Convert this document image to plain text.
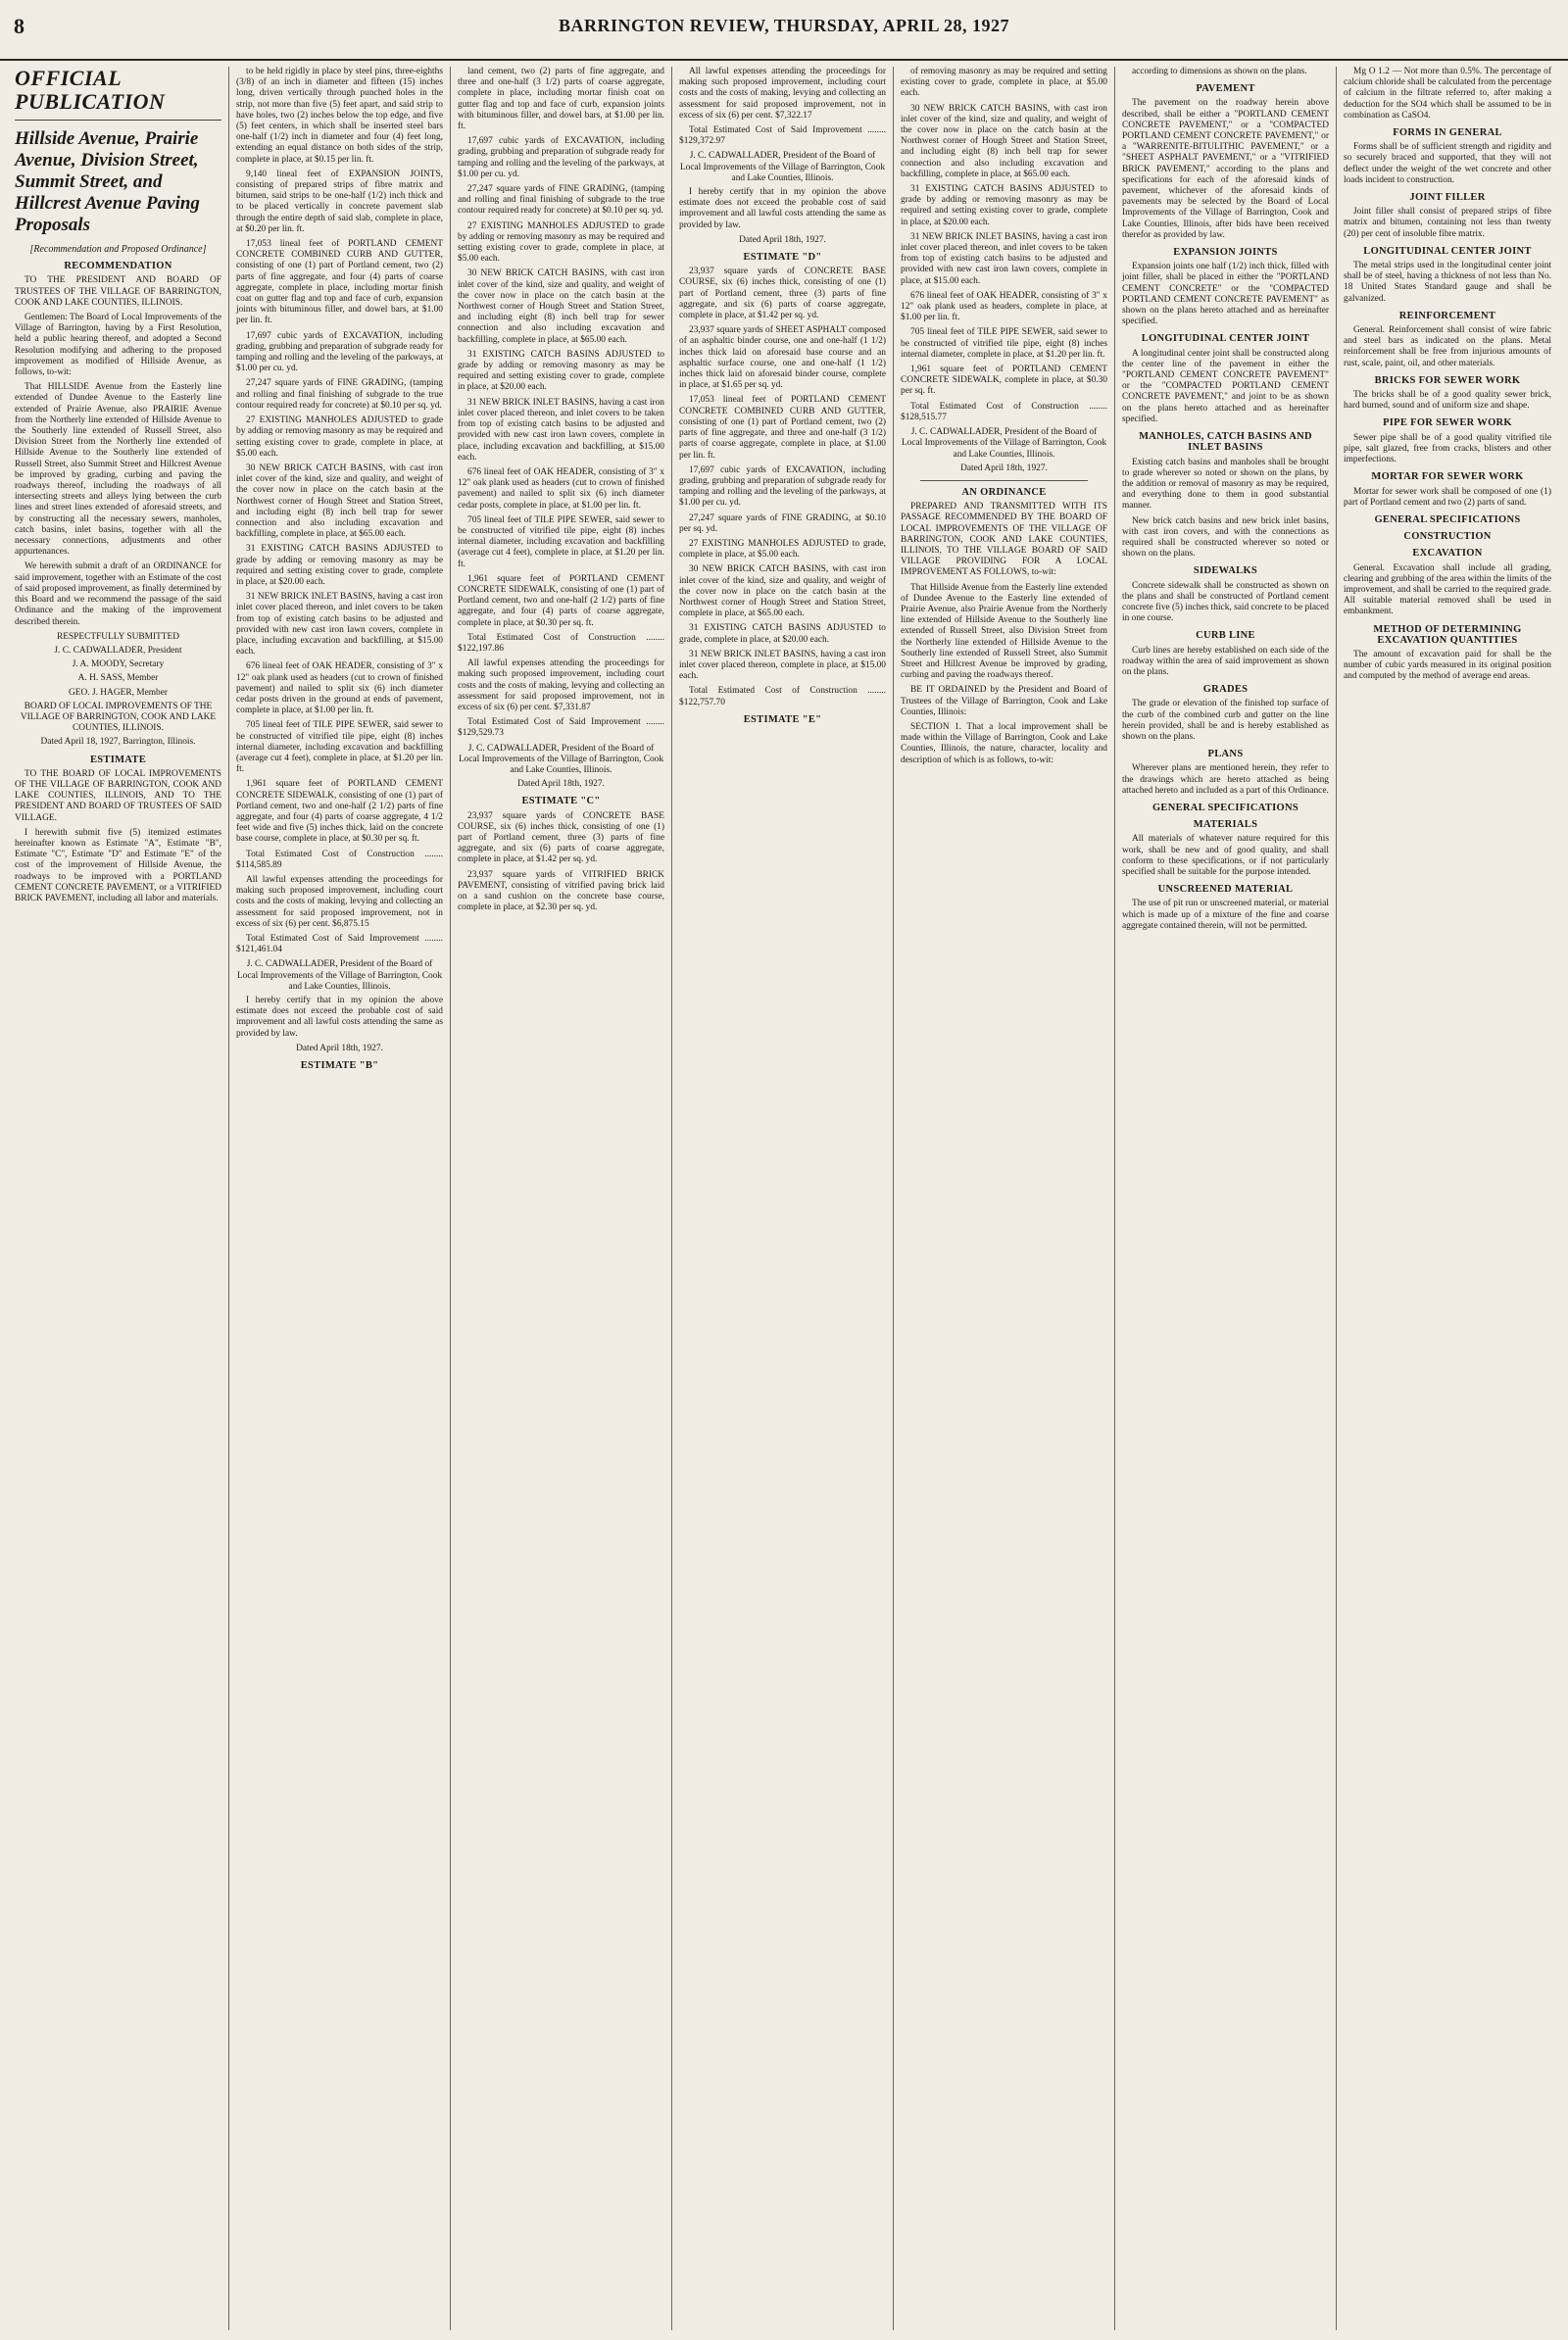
8	BARRINGTON REVIEW, THURSDAY, APRIL 28, 1927
OFFICIAL PUBLICATION
Hillside Avenue, Prairie Avenue, Division Street, Summit Street, and Hillcrest Avenue Paving Proposals
[Recommendation and Proposed Ordinance]
RECOMMENDATION

TO THE PRESIDENT AND BOARD OF TRUSTEES OF THE VILLAGE OF BARRINGTON, COOK AND LAKE COUNTIES, ILLINOIS.

Gentlemen: The Board of Local Improvements of the Village of Barrington, having by a First Resolution, held a public hearing thereof, and adopted a Second Resolution modifying and adhering to the proposed improvement as modified of Hillside Avenue, as follows, to-wit:

That HILLSIDE Avenue from the Easterly line extended of Dundee Avenue to the Easterly line extended of Prairie Avenue, also PRAIRIE Avenue from the Northerly line extended of Hillside Avenue to the Southerly line extended of Russell Street, also Division Street from the Northerly line extended of Hillside Avenue to the Southerly line extended of Russell Street, also Summit Street and Hillcrest Avenue be improved by grading, curbing and paving the roadways thereof, including the roadways of all intersecting streets and alleys lying between the curb lines and street lines extended of aforesaid streets, and by constructing all the necessary sewers, manholes, catch basins, inlet basins, together with all the necessary connections, adjustments and other appurtenances.

We herewith submit a draft of an ORDINANCE for said improvement, together with an Estimate of the cost of said proposed improvement, as finally determined by this Board and we recommend the passage of the said Ordinance and the making of the improvement described therein.

RESPECTFULLY SUBMITTED
J. C. CADWALLADER, President
J. A. MOODY, Secretary
A. H. SASS, Member
GEO. J. HAGER, Member
BOARD OF LOCAL IMPROVEMENTS OF THE VILLAGE OF BARRINGTON, COOK AND LAKE COUNTIES, ILLINOIS.
Dated April 18, 1927, Barrington, Illinois.
ESTIMATE

TO THE BOARD OF LOCAL IMPROVEMENTS OF THE VILLAGE OF BARRINGTON, COOK AND LAKE COUNTIES, ILLINOIS, AND TO THE PRESIDENT AND BOARD OF TRUSTEES OF SAID VILLAGE.

I herewith submit five (5) itemized estimates hereinafter known as Estimate "A", Estimate "B", Estimate "C", Estimate "D" and Estimate "E" of the cost of the improvement of Hillside Avenue, the roadways to be improved with a PORTLAND CEMENT CONCRETE PAVEMENT, or a VITRIFIED BRICK PAVEMENT, including all labor and materials.

to be held rigidly in place by steel pins, three-eighths (3/8) of an inch in diameter and fifteen (15) inches long, driven vertically through punched holes in the strip, not more than five (5) feet apart, and said strip to have holes, two (2) inches below the top edge, and five (5) feet centers, in which shall be inserted steel bars one-half (1/2) inch in diameter and four (4) feet long, extending an equal distance on both sides of the strip, complete in place, at $0.15 per lin. ft.

9,140 lineal feet of EXPANSION JOINTS, consisting of prepared strips of fibre matrix and bitumen, said strips to be one-half (1/2) inch thick and to be placed vertically in concrete pavement slab through the entire depth of said slab, complete in place, at $0.20 per lin. ft.

17,053 lineal feet of PORTLAND CEMENT CONCRETE COMBINED CURB AND GUTTER, consisting of one (1) part of Portland cement, two (2) parts of fine aggregate, and four (4) parts of coarse aggregate, complete in place, including mortar finish coat on gutter flag and top and face of curb, expansion joints with bituminous filler, and dowel bars, at $1.00 per lin. ft.

17,697 cubic yards of EXCAVATION, including grading, grubbing and preparation of subgrade ready for tamping and rolling and the leveling of the parkways, at $1.00 per cu. yd.

27,247 square yards of FINE GRADING, (tamping and rolling and final finishing of subgrade to the true contour required ready for concrete) at $0.10 per sq. yd.

27 EXISTING MANHOLES ADJUSTED to grade by adding or removing masonry as may be required and setting existing cover to grade, complete in place, at $5.00 each.

30 NEW BRICK CATCH BASINS, with cast iron inlet cover of the kind, size and quality, and weight of the cover now in place on the catch basin at the Northwest corner of Hough Street and Station Street, and including eight (8) inch bell trap for sewer connection and also including excavation and backfilling, complete in place, at $65.00 each.

31 EXISTING CATCH BASINS ADJUSTED to grade by adding or removing masonry as may be required and setting existing cover to grade, complete in place, at $20.00 each.

31 NEW BRICK INLET BASINS, having a cast iron inlet cover placed thereon, and inlet covers to be taken from top of existing catch basins to be adjusted and provided with new cast iron lawn covers, complete in place, including excavation and backfilling, at $15.00 each.

676 lineal feet of OAK HEADER, consisting of 3" x 12" oak plank used as headers (cut to crown of finished pavement) and nailed to split six (6) inch diameter cedar posts driven in the ground at ends of pavement, complete in place, at $1.00 per lin. ft.

705 lineal feet of TILE PIPE SEWER, said sewer to be constructed of vitrified tile pipe, eight (8) inches internal diameter, including excavation and backfilling (average cut 4 feet), complete in place, at $1.20 per lin. ft.

1,961 square feet of PORTLAND CEMENT CONCRETE SIDEWALK, consisting of one (1) part of Portland cement, two and one-half (2 1/2) parts of fine aggregate, and four (4) parts of coarse aggregate, 4 1/2 feet wide and five (5) inches thick, laid on the concrete base course, complete in place, at $0.30 per sq. ft.

Total Estimated Cost of Construction ........ $114,585.89

All lawful expenses attending the proceedings for making such proposed improvement, including court costs and the costs of making, levying and collecting an assessment for said proposed improvement, not in excess of six (6) per cent. $6,875.15

Total Estimated Cost of Said Improvement ........ $121,461.04

J. C. CADWALLADER, President of the Board of Local Improvements of the Village of Barrington, Cook and Lake Counties, Illinois.

I hereby certify that in my opinion the above estimate does not exceed the probable cost of said improvement and all lawful costs attending the same as provided by law.

Dated April 18th, 1927.
ESTIMATE "B"

land cement, two (2) parts of fine aggregate, and three and one-half (3 1/2) parts of coarse aggregate, complete in place, including mortar finish coat on gutter flag and top and face of curb, expansion joints with bituminous filler, and dowel bars, at $1.00 per lin. ft.

17,697 cubic yards of EXCAVATION, including grading, grubbing and preparation of subgrade ready for tamping and rolling and the leveling of the parkways, at $1.00 per cu. yd.

27,247 square yards of FINE GRADING, (tamping and rolling and final finishing of subgrade to the true contour required ready for concrete) at $0.10 per sq. yd.

27 EXISTING MANHOLES ADJUSTED to grade by adding or removing masonry as may be required and setting existing cover to grade, complete in place, at $5.00 each.

30 NEW BRICK CATCH BASINS, with cast iron inlet cover of the kind, size and quality, and weight of the cover now in place on the catch basin at the Northwest corner of Hough Street and Station Street, and including eight (8) inch bell trap for sewer connection and also including excavation and backfilling, complete in place, at $65.00 each.

31 EXISTING CATCH BASINS ADJUSTED to grade by adding or removing masonry as may be required and setting existing cover to grade, complete in place, at $20.00 each.

31 NEW BRICK INLET BASINS, having a cast iron inlet cover placed thereon, and inlet covers to be taken from top of existing catch basins to be adjusted and provided with new cast iron lawn covers, complete in place, including excavation and backfilling, at $15.00 each.

676 lineal feet of OAK HEADER, consisting of 3" x 12" oak plank used as headers (cut to crown of finished pavement) and nailed to split six (6) inch diameter cedar posts, complete in place, at $1.00 per lin. ft.

705 lineal feet of TILE PIPE SEWER, said sewer to be constructed of vitrified tile pipe, eight (8) inches internal diameter, including excavation and backfilling (average cut 4 feet), complete in place, at $1.20 per lin. ft.

1,961 square feet of PORTLAND CEMENT CONCRETE SIDEWALK, consisting of one (1) part of Portland cement, two and one-half (2 1/2) parts of fine aggregate, and four (4) parts of coarse aggregate, complete in place, at $0.30 per sq. ft.

Total Estimated Cost of Construction ........ $122,197.86

All lawful expenses attending the proceedings for making such proposed improvement, including court costs and the costs of making, levying and collecting an assessment for said proposed improvement, not in excess of six (6) per cent. $7,331.87

Total Estimated Cost of Said Improvement ........ $129,529.73

J. C. CADWALLADER, President of the Board of Local Improvements of the Village of Barrington, Cook and Lake Counties, Illinois.
Dated April 18th, 1927.
ESTIMATE "C"

23,937 square yards of CONCRETE BASE COURSE, six (6) inches thick, consisting of one (1) part of Portland cement, three (3) parts of fine aggregate, and six (6) parts of coarse aggregate, complete in place, at $1.42 per sq. yd.

23,937 square yards of VITRIFIED BRICK PAVEMENT, consisting of vitrified paving brick laid on a sand cushion on the concrete base course, complete in place, at $2.30 per sq. yd.

All lawful expenses attending the proceedings for making such proposed improvement, including court costs and the costs of making, levying and collecting an assessment for said proposed improvement, not in excess of six (6) per cent. $7,322.17

Total Estimated Cost of Said Improvement ........ $129,372.97

J. C. CADWALLADER, President of the Board of Local Improvements of the Village of Barrington, Cook and Lake Counties, Illinois.

I hereby certify that in my opinion the above estimate does not exceed the probable cost of said improvement and all lawful costs attending the same as provided by law.

Dated April 18th, 1927.
ESTIMATE "D"

23,937 square yards of CONCRETE BASE COURSE, six (6) inches thick, consisting of one (1) part of Portland cement, three (3) parts of fine aggregate, and six (6) parts of coarse aggregate, complete in place, at $1.42 per sq. yd.

23,937 square yards of SHEET ASPHALT composed of an asphaltic binder course, one and one-half (1 1/2) inches thick laid on aforesaid base course and an asphaltic surface course, one and one-half (1 1/2) inches thick laid on aforesaid binder course, complete in place, at $1.65 per sq. yd.

17,053 lineal feet of PORTLAND CEMENT CONCRETE COMBINED CURB AND GUTTER, consisting of one (1) part of Portland cement, two (2) parts of fine aggregate, and three and one-half (3 1/2) parts of coarse aggregate, complete in place, at $1.00 per lin. ft.

17,697 cubic yards of EXCAVATION, including grading, grubbing and preparation of subgrade ready for tamping and rolling and the leveling of the parkways, at $1.00 per cu. yd.

27,247 square yards of FINE GRADING, at $0.10 per sq. yd.

27 EXISTING MANHOLES ADJUSTED to grade, complete in place, at $5.00 each.

30 NEW BRICK CATCH BASINS, with cast iron inlet cover of the kind, size and quality, and weight of the cover now in place on the catch basin at the Northwest corner of Hough Street and Station Street, complete in place, at $65.00 each.

31 EXISTING CATCH BASINS ADJUSTED to grade, complete in place, at $20.00 each.

31 NEW BRICK INLET BASINS, having a cast iron inlet cover placed thereon, complete in place, at $15.00 each.

Total Estimated Cost of Construction ........ $122,757.70

ESTIMATE "E"

of removing masonry as may be required and setting existing cover to grade, complete in place, at $5.00 each.

30 NEW BRICK CATCH BASINS, with cast iron inlet cover of the kind, size and quality, and weight of the cover now in place on the catch basin at the Northwest corner of Hough Street and Station Street, and including eight (8) inch bell trap for sewer connection and also including excavation and backfilling, complete in place, at $65.00 each.

31 EXISTING CATCH BASINS ADJUSTED to grade by adding or removing masonry as may be required and setting existing cover to grade, complete in place, at $20.00 each.

31 NEW BRICK INLET BASINS, having a cast iron inlet cover placed thereon, and inlet covers to be taken from top of existing catch basins to be adjusted and provided with new cast iron lawn covers, complete in place, at $15.00 each.

676 lineal feet of OAK HEADER, consisting of 3" x 12" oak plank used as headers, complete in place, at $1.00 per lin. ft.

705 lineal feet of TILE PIPE SEWER, said sewer to be constructed of vitrified tile pipe, eight (8) inches internal diameter, complete in place, at $1.20 per lin. ft.

1,961 square feet of PORTLAND CEMENT CONCRETE SIDEWALK, complete in place, at $0.30 per sq. ft.

Total Estimated Cost of Construction ........ $128,515.77

J. C. CADWALLADER, President of the Board of Local Improvements of the Village of Barrington, Cook and Lake Counties, Illinois.
Dated April 18th, 1927.
AN ORDINANCE

PREPARED AND TRANSMITTED WITH ITS PASSAGE RECOMMENDED BY THE BOARD OF LOCAL IMPROVEMENTS OF THE VILLAGE OF BARRINGTON, COOK AND LAKE COUNTIES, ILLINOIS, TO THE VILLAGE BOARD OF SAID VILLAGE PROVIDING FOR A LOCAL IMPROVEMENT AS FOLLOWS, to-wit:

That Hillside Avenue from the Easterly line extended of Dundee Avenue to the Easterly line extended of Prairie Avenue, also Prairie Avenue from the Northerly line extended of Hillside Avenue to the Southerly line extended of Russell Street, also Division Street from the Northerly line extended of Hillside Avenue to the Southerly line extended of Russell Street, also Summit Street and Hillcrest Avenue be improved by grading, curbing and paving the roadways thereof.

BE IT ORDAINED by the President and Board of Trustees of the Village of Barrington, Cook and Lake Counties, Illinois:

SECTION 1. That a local improvement shall be made within the Village of Barrington, Cook and Lake Counties, Illinois, the nature, character, locality and description of which is as follows, to-wit:

according to dimensions as shown on the plans.

PAVEMENT

The pavement on the roadway herein above described, shall be either a "PORTLAND CEMENT CONCRETE PAVEMENT," or a "COMPACTED PORTLAND CEMENT CONCRETE PAVEMENT," or a "WARRENITE-BITULITHIC PAVEMENT," or a "SHEET ASPHALT PAVEMENT," or a "VITRIFIED BRICK PAVEMENT," according to the plans and specifications for each of the aforesaid kinds of pavement, whichever of the aforesaid kinds of pavements may be selected by the Board of Local Improvements of the Village of Barrington, Cook and Lake Counties, Illinois, after bids have been received therefor as provided by law.

EXPANSION JOINTS

Expansion joints one half (1/2) inch thick, filled with joint filler, shall be placed in either the "PORTLAND CEMENT CONCRETE" or the "COMPACTED PORTLAND CEMENT CONCRETE PAVEMENT" as shown on the plans hereto attached and as hereinafter specified.

LONGITUDINAL CENTER JOINT

A longitudinal center joint shall be constructed along the center line of the pavement in either the "PORTLAND CEMENT CONCRETE PAVEMENT" or the "COMPACTED PORTLAND CEMENT CONCRETE PAVEMENT," and joint to be as shown on the plans hereto attached and as hereinafter specified.

MANHOLES, CATCH BASINS AND INLET BASINS

Existing catch basins and manholes shall be brought to grade wherever so noted or shown on the plans, by the addition or removal of masonry as may be required, and everything done to them in good substantial manner.

New brick catch basins and new brick inlet basins, with cast iron covers, and with the connections as required shall be constructed wherever so noted or shown on the plans.

SIDEWALKS

Concrete sidewalk shall be constructed as shown on the plans and shall be constructed of Portland cement concrete five (5) inches thick, said concrete to be placed in one course.

CURB LINE

Curb lines are hereby established on each side of the roadway within the area of said improvement as shown on the plans.

GRADES

The grade or elevation of the finished top surface of the curb of the combined curb and gutter on the line herein provided, shall be and is hereby established as shown on the plans.

PLANS

Wherever plans are mentioned herein, they refer to the drawings which are hereto attached as being attached hereto and included as a part of this Ordinance.

GENERAL SPECIFICATIONS
MATERIALS

All materials of whatever nature required for this work, shall be new and of good quality, and shall conform to these specifications, or if not particularly specified shall be suitable for the purpose intended.

UNSCREENED MATERIAL

The use of pit run or unscreened material, or material which is made up of a mixture of the fine and coarse aggregate contained therein, will not be permitted.

Mg O 1.2 — Not more than 0.5%. The percentage of calcium chloride shall be calculated from the percentage of calcium in the filtrate referred to, after making a deduction for the SO4 which shall be assumed to be in combination as CaSO4.

FORMS IN GENERAL

Forms shall be of sufficient strength and rigidity and so securely braced and supported, that they will not deflect under the weight of the wet concrete and other loads incident to construction.

JOINT FILLER

Joint filler shall consist of prepared strips of fibre matrix and bitumen, containing not less than twenty (20) per cent of insoluble fibre matrix.

LONGITUDINAL CENTER JOINT

The metal strips used in the longitudinal center joint shall be of steel, having a thickness of not less than No. 18 United States Standard gauge and shall be galvanized.

REINFORCEMENT

General. Reinforcement shall consist of wire fabric and steel bars as indicated on the plans. Metal reinforcement shall be free from injurious amounts of rust, scale, paint, oil, and other materials.

BRICKS FOR SEWER WORK

The bricks shall be of a good quality sewer brick, hard burned, sound and of uniform size and shape.

PIPE FOR SEWER WORK

Sewer pipe shall be of a good quality vitrified tile pipe, salt glazed, free from cracks, blisters and other imperfections.

MORTAR FOR SEWER WORK

Mortar for sewer work shall be composed of one (1) part of Portland cement and two (2) parts of sand.

GENERAL SPECIFICATIONS
CONSTRUCTION
EXCAVATION

General. Excavation shall include all grading, clearing and grubbing of the area within the limits of the improvement, and shall be carried to the required grade. All suitable material removed shall be used in embankment.

METHOD OF DETERMINING EXCAVATION QUANTITIES

The amount of excavation paid for shall be the number of cubic yards measured in its original position and computed by the method of average end areas.
